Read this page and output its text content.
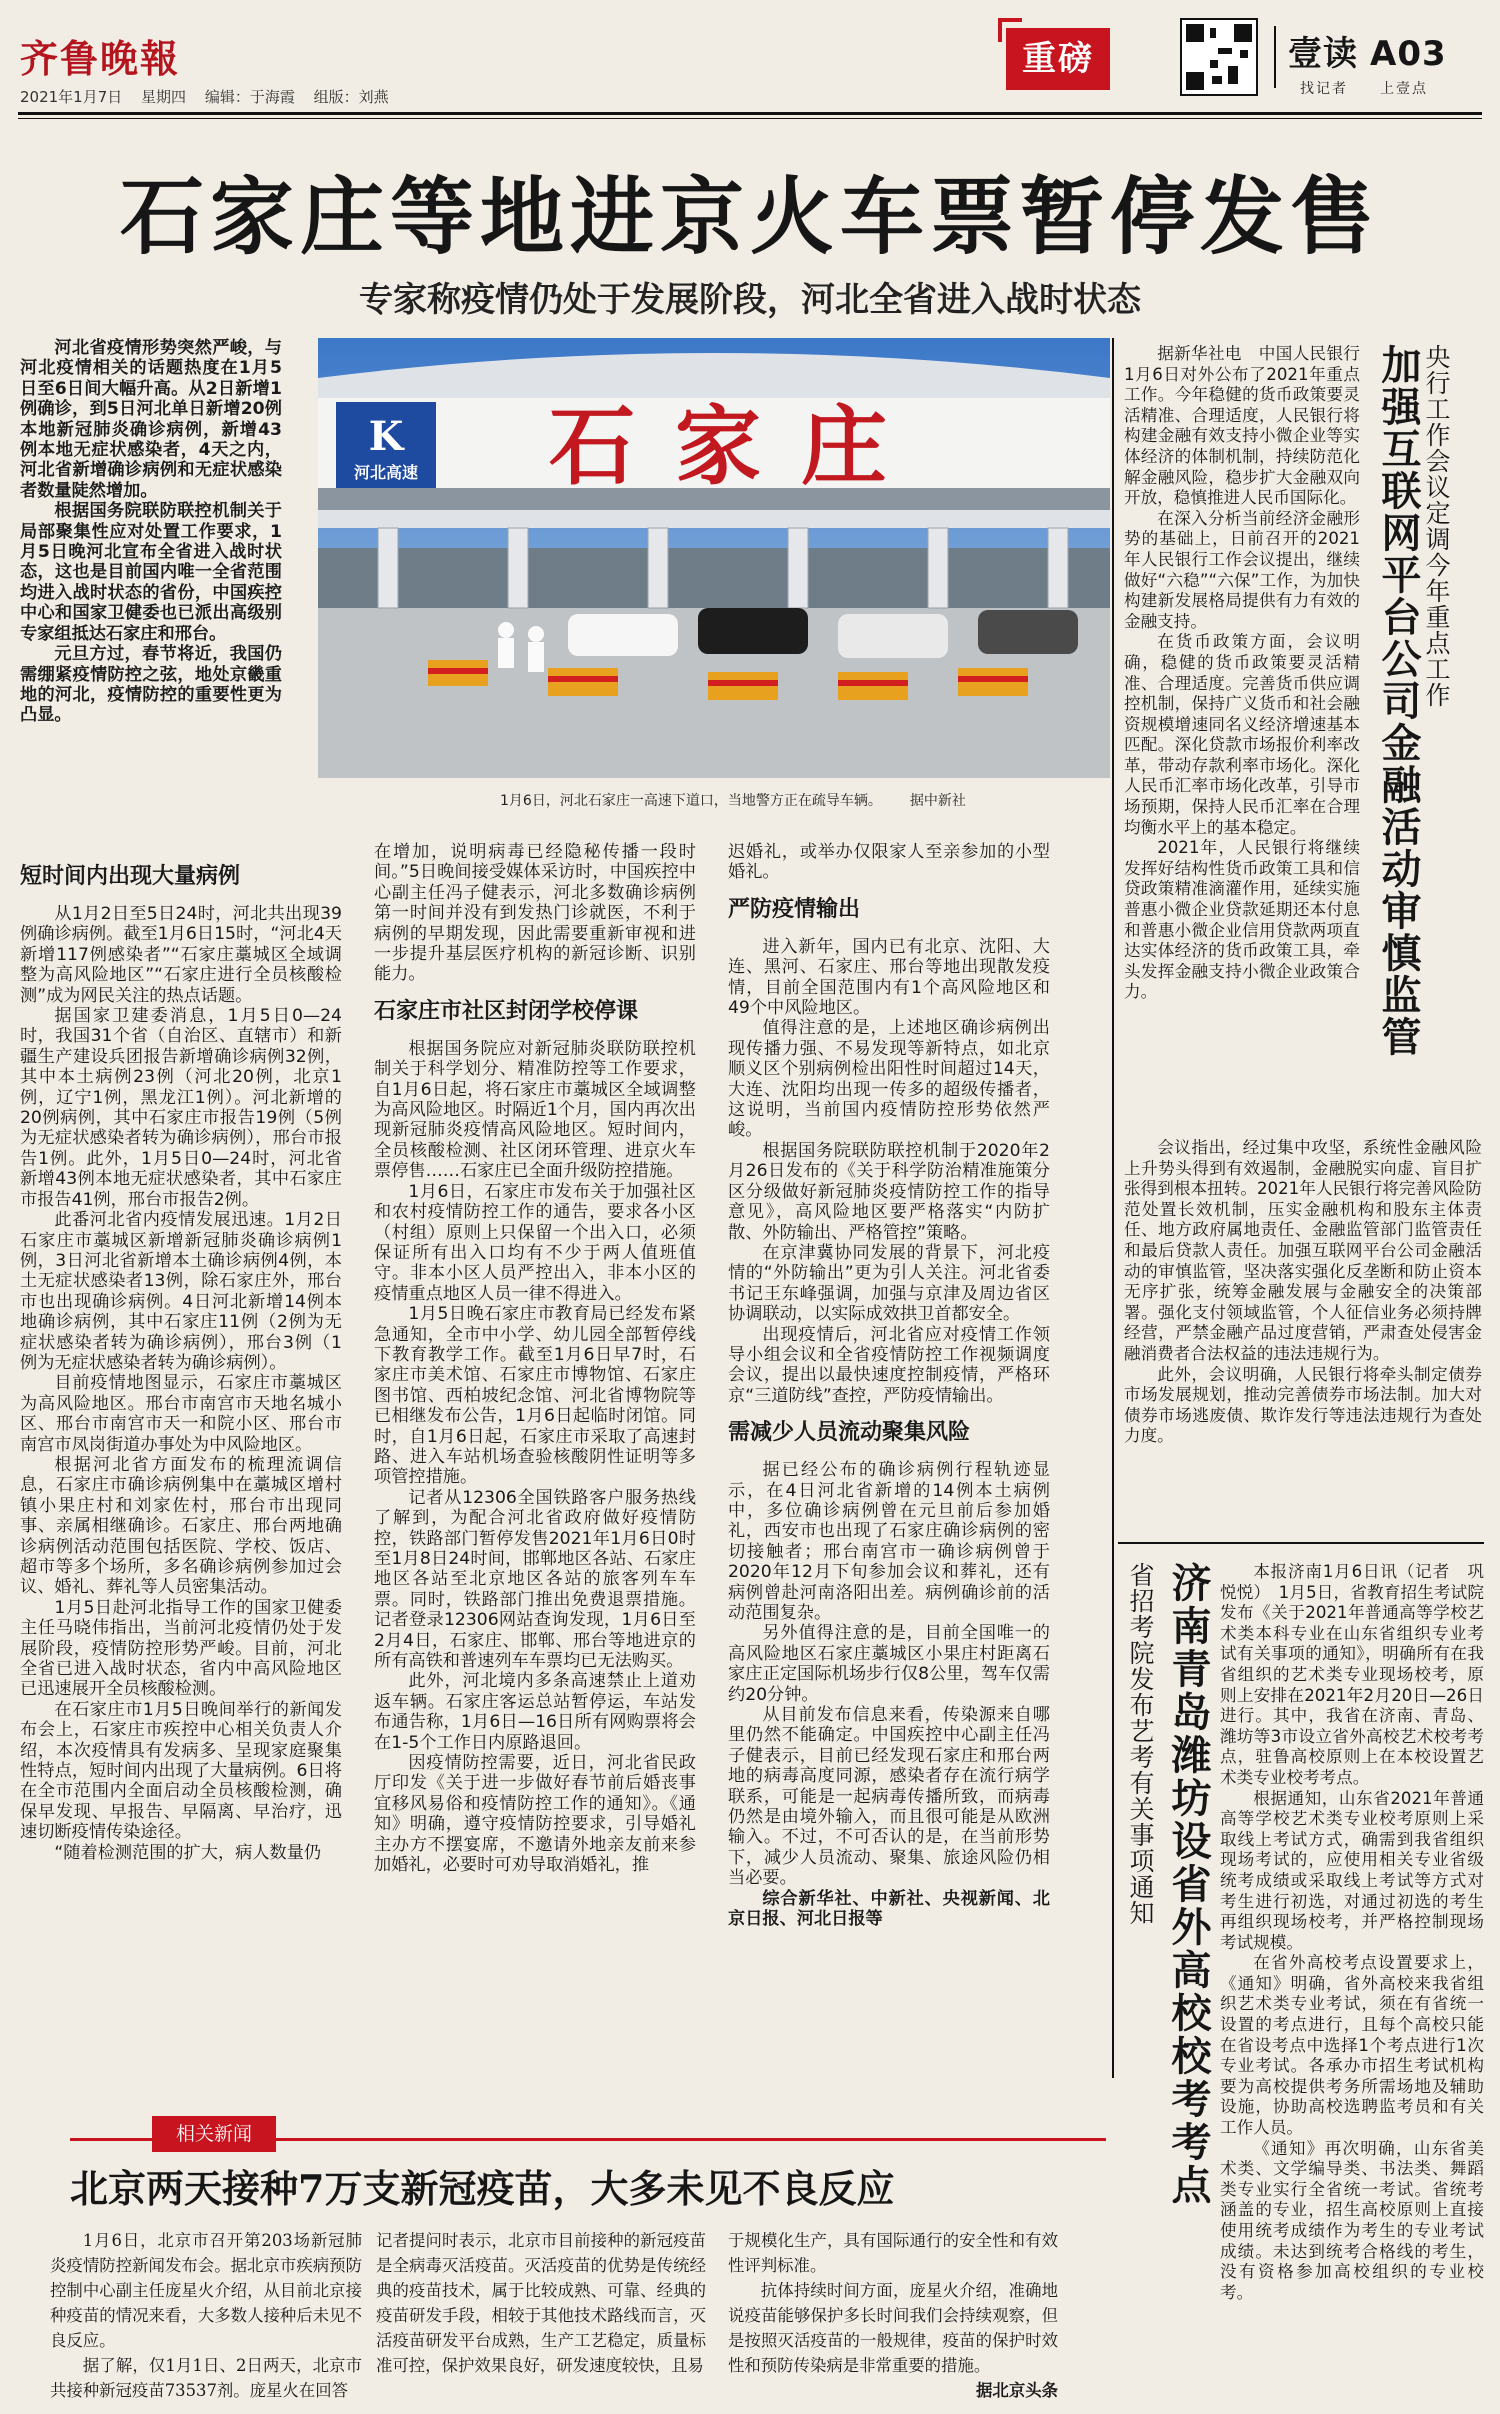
齐鲁晚報
2021年1月7日 星期四 编辑：于海霞 组版：刘燕
重磅	壹读 A03
找记者 上壹点
石家庄等地进京火车票暂停发售
专家称疫情仍处于发展阶段，河北全省进入战时状态
河北高速
K 石家庄
1月6日，河北石家庄一高速下道口，当地警方正在疏导车辆。 据中新社

河北省疫情形势突然严峻，与河北疫情相关的话题热度在1月5日至6日间大幅升高。从2日新增1例确诊，到5日河北单日新增20例本地新冠肺炎确诊病例，新增43例本地无症状感染者，4天之内，河北省新增确诊病例和无症状感染者数量陡然增加。

根据国务院联防联控机制关于局部聚集性应对处置工作要求，1月5日晚河北宣布全省进入战时状态，这也是目前国内唯一全省范围均进入战时状态的省份，中国疾控中心和国家卫健委也已派出高级别专家组抵达石家庄和邢台。

元旦方过，春节将近，我国仍需绷紧疫情防控之弦，地处京畿重地的河北，疫情防控的重要性更为凸显。

短时间内出现大量病例

从1月2日至5日24时，河北共出现39例确诊病例。截至1月6日15时，“河北4天新增117例感染者”“石家庄藁城区全域调整为高风险地区”“石家庄进行全员核酸检测”成为网民关注的热点话题。

据国家卫建委消息，1月5日0—24时，我国31个省（自治区、直辖市）和新疆生产建设兵团报告新增确诊病例32例，其中本土病例23例（河北20例，北京1例，辽宁1例，黑龙江1例）。河北新增的20例病例，其中石家庄市报告19例（5例为无症状感染者转为确诊病例），邢台市报告1例。此外，1月5日0—24时，河北省新增43例本地无症状感染者，其中石家庄市报告41例，邢台市报告2例。

此番河北省内疫情发展迅速。1月2日石家庄市藁城区新增新冠肺炎确诊病例1例，3日河北省新增本土确诊病例4例，本土无症状感染者13例，除石家庄外，邢台市也出现确诊病例。4日河北新增14例本地确诊病例，其中石家庄11例（2例为无症状感染者转为确诊病例），邢台3例（1例为无症状感染者转为确诊病例）。

目前疫情地图显示，石家庄市藁城区为高风险地区。邢台市南宫市天地名城小区、邢台市南宫市天一和院小区、邢台市南宫市凤岗街道办事处为中风险地区。

根据河北省方面发布的梳理流调信息，石家庄市确诊病例集中在藁城区增村镇小果庄村和刘家佐村，邢台市出现同事、亲属相继确诊。石家庄、邢台两地确诊病例活动范围包括医院、学校、饭店、超市等多个场所，多名确诊病例参加过会议、婚礼、葬礼等人员密集活动。

1月5日赴河北指导工作的国家卫健委主任马晓伟指出，当前河北疫情仍处于发展阶段，疫情防控形势严峻。目前，河北全省已进入战时状态，省内中高风险地区已迅速展开全员核酸检测。

在石家庄市1月5日晚间举行的新闻发布会上，石家庄市疾控中心相关负责人介绍，本次疫情具有发病多、呈现家庭聚集性特点，短时间内出现了大量病例。6日将在全市范围内全面启动全员核酸检测，确保早发现、早报告、早隔离、早治疗，迅速切断疫情传染途径。

“随着检测范围的扩大，病人数量仍

在增加，说明病毒已经隐秘传播一段时间。”5日晚间接受媒体采访时，中国疾控中心副主任冯子健表示，河北多数确诊病例第一时间并没有到发热门诊就医，不利于病例的早期发现，因此需要重新审视和进一步提升基层医疗机构的新冠诊断、识别能力。

石家庄市社区封闭学校停课

根据国务院应对新冠肺炎联防联控机制关于科学划分、精准防控等工作要求，自1月6日起，将石家庄市藁城区全域调整为高风险地区。时隔近1个月，国内再次出现新冠肺炎疫情高风险地区。短时间内，全员核酸检测、社区闭环管理、进京火车票停售……石家庄已全面升级防控措施。

1月6日，石家庄市发布关于加强社区和农村疫情防控工作的通告，要求各小区（村组）原则上只保留一个出入口，必须保证所有出入口均有不少于两人值班值守。非本小区人员严控出入，非本小区的疫情重点地区人员一律不得进入。

1月5日晚石家庄市教育局已经发布紧急通知，全市中小学、幼儿园全部暂停线下教育教学工作。截至1月6日早7时，石家庄市美术馆、石家庄市博物馆、石家庄图书馆、西柏坡纪念馆、河北省博物院等已相继发布公告，1月6日起临时闭馆。同时，自1月6日起，石家庄市采取了高速封路、进入车站机场查验核酸阴性证明等多项管控措施。

记者从12306全国铁路客户服务热线了解到，为配合河北省政府做好疫情防控，铁路部门暂停发售2021年1月6日0时至1月8日24时间，邯郸地区各站、石家庄地区各站至北京地区各站的旅客列车车票。同时，铁路部门推出免费退票措施。记者登录12306网站查询发现，1月6日至2月4日，石家庄、邯郸、邢台等地进京的所有高铁和普速列车车票均已无法购买。

此外，河北境内多条高速禁止上道劝返车辆。石家庄客运总站暂停运，车站发布通告称，1月6日—16日所有网购票将会在1-5个工作日内原路退回。

因疫情防控需要，近日，河北省民政厅印发《关于进一步做好春节前后婚丧事宜移风易俗和疫情防控工作的通知》。《通知》明确，遵守疫情防控要求，引导婚礼主办方不摆宴席，不邀请外地亲友前来参加婚礼，必要时可劝导取消婚礼，推

迟婚礼，或举办仅限家人至亲参加的小型婚礼。

严防疫情输出

进入新年，国内已有北京、沈阳、大连、黑河、石家庄、邢台等地出现散发疫情，目前全国范围内有1个高风险地区和49个中风险地区。

值得注意的是，上述地区确诊病例出现传播力强、不易发现等新特点，如北京顺义区个别病例检出阳性时间超过14天，大连、沈阳均出现一传多的超级传播者，这说明，当前国内疫情防控形势依然严峻。

根据国务院联防联控机制于2020年2月26日发布的《关于科学防治精准施策分区分级做好新冠肺炎疫情防控工作的指导意见》，高风险地区要严格落实“内防扩散、外防输出、严格管控”策略。

在京津冀协同发展的背景下，河北疫情的“外防输出”更为引人关注。河北省委书记王东峰强调，加强与京津及周边省区协调联动，以实际成效拱卫首都安全。

出现疫情后，河北省应对疫情工作领导小组会议和全省疫情防控工作视频调度会议，提出以最快速度控制疫情，严格环京“三道防线”查控，严防疫情输出。

需减少人员流动聚集风险

据已经公布的确诊病例行程轨迹显示，在4日河北省新增的14例本土病例中，多位确诊病例曾在元旦前后参加婚礼，西安市也出现了石家庄确诊病例的密切接触者；邢台南宫市一确诊病例曾于2020年12月下旬参加会议和葬礼，还有病例曾赴河南洛阳出差。病例确诊前的活动范围复杂。

另外值得注意的是，目前全国唯一的高风险地区石家庄藁城区小果庄村距离石家庄正定国际机场步行仅8公里，驾车仅需约20分钟。

从目前发布信息来看，传染源来自哪里仍然不能确定。中国疾控中心副主任冯子健表示，目前已经发现石家庄和邢台两地的病毒高度同源，感染者存在流行病学联系，可能是一起病毒传播所致，而病毒仍然是由境外输入，而且很可能是从欧洲输入。不过，不可否认的是，在当前形势下，减少人员流动、聚集、旅途风险仍相当必要。

综合新华社、中新社、央视新闻、北京日报、河北日报等

央行工作会议定调今年重点工作
加强互联网平台公司金融活动审慎监管

据新华社电　中国人民银行1月6日对外公布了2021年重点工作。今年稳健的货币政策要灵活精准、合理适度，人民银行将构建金融有效支持小微企业等实体经济的体制机制，持续防范化解金融风险，稳步扩大金融双向开放，稳慎推进人民币国际化。

在深入分析当前经济金融形势的基础上，日前召开的2021年人民银行工作会议提出，继续做好“六稳”“六保”工作，为加快构建新发展格局提供有力有效的金融支持。

在货币政策方面，会议明确，稳健的货币政策要灵活精准、合理适度。完善货币供应调控机制，保持广义货币和社会融资规模增速同名义经济增速基本匹配。深化贷款市场报价利率改革，带动存款利率市场化。深化人民币汇率市场化改革，引导市场预期，保持人民币汇率在合理均衡水平上的基本稳定。

2021年，人民银行将继续发挥好结构性货币政策工具和信贷政策精准滴灌作用，延续实施普惠小微企业贷款延期还本付息和普惠小微企业信用贷款两项直达实体经济的货币政策工具，牵头发挥金融支持小微企业政策合力。

会议指出，经过集中攻坚，系统性金融风险上升势头得到有效遏制，金融脱实向虚、盲目扩张得到根本扭转。2021年人民银行将完善风险防范处置长效机制，压实金融机构和股东主体责任、地方政府属地责任、金融监管部门监管责任和最后贷款人责任。加强互联网平台公司金融活动的审慎监管，坚决落实强化反垄断和防止资本无序扩张，统筹金融发展与金融安全的决策部署。强化支付领域监管，个人征信业务必须持牌经营，严禁金融产品过度营销，严肃查处侵害金融消费者合法权益的违法违规行为。

此外，会议明确，人民银行将牵头制定债券市场发展规划，推动完善债券市场法制。加大对债券市场逃废债、欺诈发行等违法违规行为查处力度。

省招考院发布艺考有关事项通知 济南青岛潍坊设省外高校校考考点	本报济南1月6日讯（记者　巩悦悦）　1月5日，省教育招生考试院发布《关于2021年普通高等学校艺术类本科专业在山东省组织专业考试有关事项的通知》，明确所有在我省组织的艺术类专业现场校考，原则上安排在2021年2月20日—26日进行。其中，我省在济南、青岛、潍坊等3市设立省外高校艺术校考考点，驻鲁高校原则上在本校设置艺术类专业校考考点。

根据通知，山东省2021年普通高等学校艺术类专业校考原则上采取线上考试方式，确需到我省组织现场考试的，应使用相关专业省级统考成绩或采取线上考试等方式对考生进行初选，对通过初选的考生再组织现场校考，并严格控制现场考试规模。

在省外高校考点设置要求上，《通知》明确，省外高校来我省组织艺术类专业考试，须在有省统一设置的考点进行，且每个高校只能在省设考点中选择1个考点进行1次专业考试。各承办市招生考试机构要为高校提供考务所需场地及辅助设施，协助高校选聘监考员和有关工作人员。

《通知》再次明确，山东省美术类、文学编导类、书法类、舞蹈类专业实行全省统一考试。省统考涵盖的专业，招生高校原则上直接使用统考成绩作为考生的专业考试成绩。未达到统考合格线的考生，没有资格参加高校组织的专业校考。

相关新闻
北京两天接种7万支新冠疫苗，大多未见不良反应

1月6日，北京市召开第203场新冠肺炎疫情防控新闻发布会。据北京市疾病预防控制中心副主任庞星火介绍，从目前北京接种疫苗的情况来看，大多数人接种后未见不良反应。

据了解，仅1月1日、2日两天，北京市共接种新冠疫苗73537剂。庞星火在回答

记者提问时表示，北京市目前接种的新冠疫苗是全病毒灭活疫苗。灭活疫苗的优势是传统经典的疫苗技术，属于比较成熟、可靠、经典的疫苗研发手段，相较于其他技术路线而言，灭活疫苗研发平台成熟，生产工艺稳定，质量标准可控，保护效果良好，研发速度较快，且易

于规模化生产，具有国际通行的安全性和有效性评判标准。

抗体持续时间方面，庞星火介绍，准确地说疫苗能够保护多长时间我们会持续观察，但是按照灭活疫苗的一般规律，疫苗的保护时效性和预防传染病是非常重要的措施。

据北京头条
